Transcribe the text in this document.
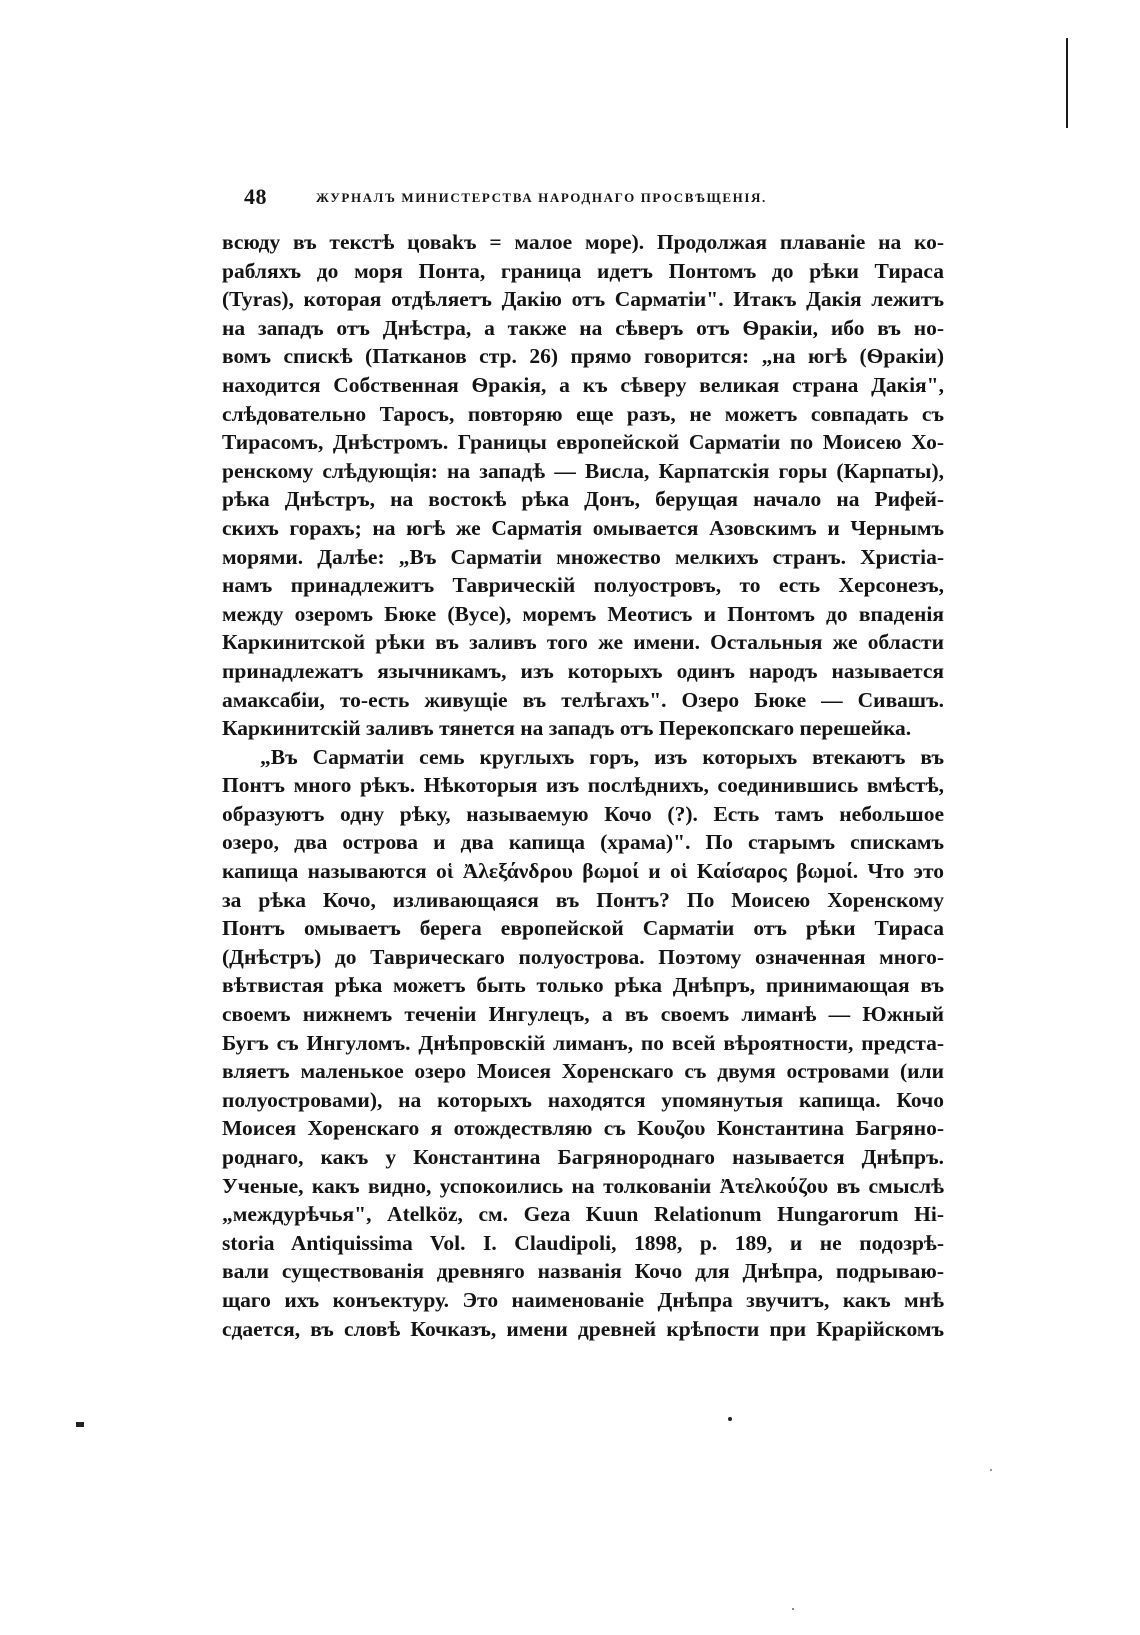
48	ЖУРНАЛЪ МИНИСТЕРСТВА НАРОДНАГО ПРОСВѢЩЕНІЯ.
всюду въ текстѣ цоваkъ = малое море). Продолжая плаваніе на ко-
рабляхъ до моря Понта, граница идетъ Понтомъ до рѣки Тираса
(Tyras), которая отдѣляетъ Дакію отъ Сарматіи". Итакъ Дакія лежитъ
на западъ отъ Днѣстра, а также на сѣверъ отъ Ѳракіи, ибо въ но-
вомъ спискѣ (Патканов стр. 26) прямо говорится: „на югѣ (Ѳракіи)
находится Собственная Ѳракія, а къ сѣверу великая страна Дакія",
слѣдовательно Таросъ, повторяю еще разъ, не можетъ совпадать съ
Тирасомъ, Днѣстромъ. Границы европейской Сарматіи по Моисею Хо-
ренскому слѣдующія: на западѣ — Висла, Карпатскія горы (Карпаты),
рѣка Днѣстръ, на востокѣ рѣка Донъ, берущая начало на Рифей-
скихъ горахъ; на югѣ же Сарматія омывается Азовскимъ и Чернымъ
морями. Далѣе: „Въ Сарматіи множество мелкихъ странъ. Христіа-
намъ принадлежитъ Таврическій полуостровъ, то есть Херсонезъ,
между озеромъ Бюке (Byce), моремъ Меотисъ и Понтомъ до впаденія
Каркинитской рѣки въ заливъ того же имени. Остальныя же области
принадлежатъ язычникамъ, изъ которыхъ одинъ народъ называется
амаксабіи, то-есть живущіе въ телѣгахъ". Озеро Бюке — Сивашъ.
Каркинитскій заливъ тянется на западъ отъ Перекопскаго перешейка.
„Въ Сарматіи семь круглыхъ горъ, изъ которыхъ втекаютъ въ
Понтъ много рѣкъ. Нѣкоторыя изъ послѣднихъ, соединившись вмѣстѣ,
образуютъ одну рѣку, называемую Кочо (?). Есть тамъ небольшое
озеро, два острова и два капища (храма)". По старымъ спискамъ
капища называются οἱ Ἀλεξάνδρου βωμοί и οἱ Καίσαρος βωμοί. Что это
за рѣка Кочо, изливающаяся въ Понтъ? По Моисею Хоренскому
Понтъ омываетъ берега европейской Сарматіи отъ рѣки Тираса
(Днѣстръ) до Таврическаго полуострова. Поэтому означенная много-
вѣтвистая рѣка можетъ быть только рѣка Днѣпръ, принимающая въ
своемъ нижнемъ теченіи Ингулецъ, а въ своемъ лиманѣ — Южный
Бугъ съ Ингуломъ. Днѣпровскій лиманъ, по всей вѣроятности, предста-
вляетъ маленькое озеро Моисея Хоренскаго съ двумя островами (или
полуостровами), на которыхъ находятся упомянутыя капища. Кочо
Моисея Хоренскаго я отождествляю съ Κουζου Константина Багряно-
роднаго, какъ у Константина Багрянороднаго называется Днѣпръ.
Ученые, какъ видно, успокоились на толкованіи Ἀτελκούζου въ смыслѣ
„междурѣчья", Atelköz, см. Geza Kuun Relationum Hungarorum Hi-
storia Antiquissima Vol. I. Claudipoli, 1898, p. 189, и не подозрѣ-
вали существованія древняго названія Кочо для Днѣпра, подрываю-
щаго ихъ конъектуру. Это наименованіе Днѣпра звучитъ, какъ мнѣ
сдается, въ словѣ Кочказъ, имени древней крѣпости при Крарійскомъ
